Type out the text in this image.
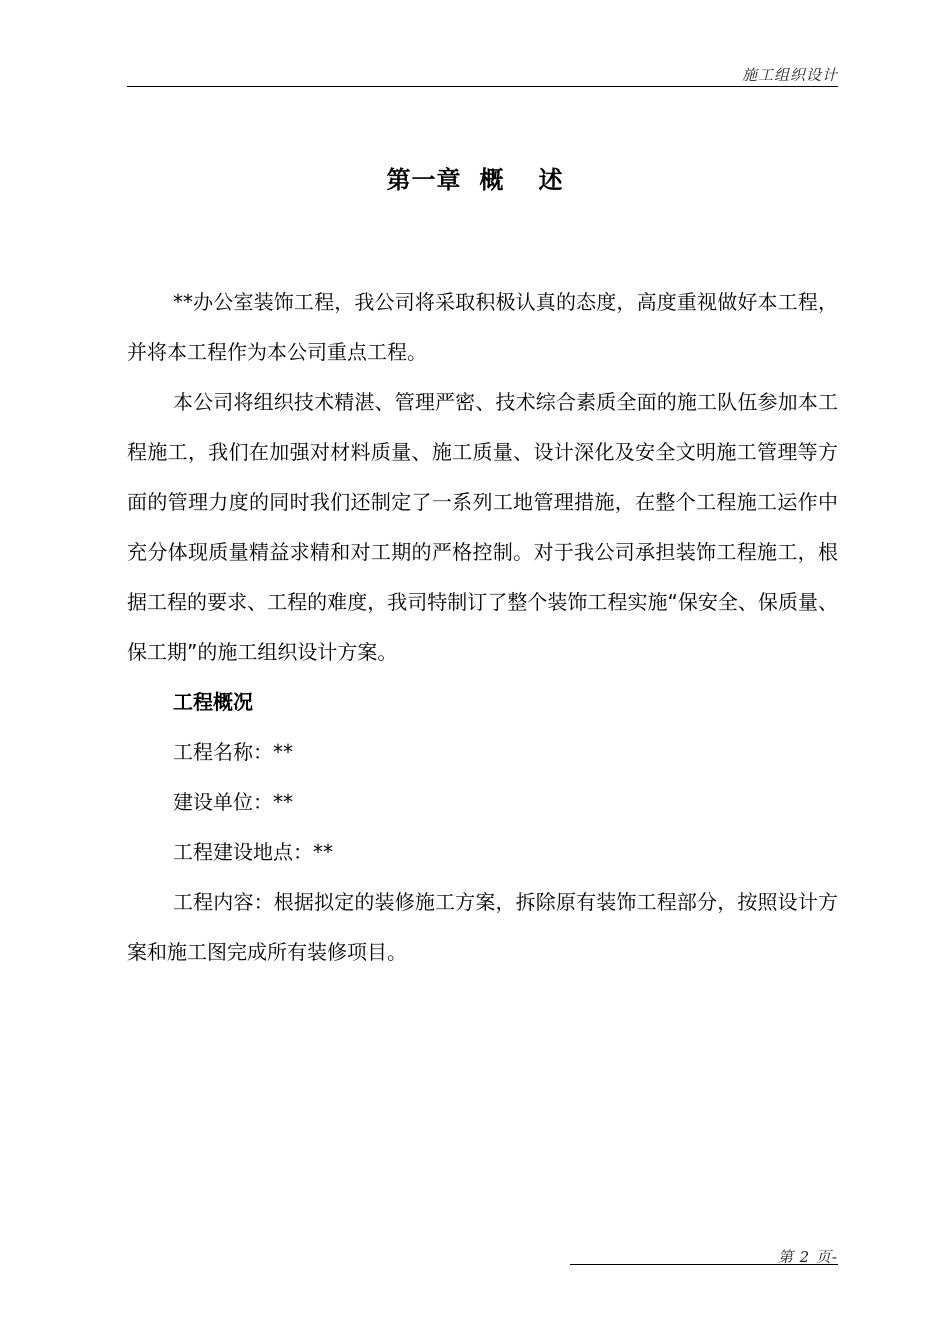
施工组织设计
第一章 概 述

**办公室装饰工程，我公司将采取积极认真的态度，高度重视做好本工程，并将本工程作为本公司重点工程。

本公司将组织技术精湛、管理严密、技术综合素质全面的施工队伍参加本工程施工，我们在加强对材料质量、施工质量、设计深化及安全文明施工管理等方面的管理力度的同时我们还制定了一系列工地管理措施，在整个工程施工运作中充分体现质量精益求精和对工期的严格控制。对于我公司承担装饰工程施工，根据工程的要求、工程的难度，我司特制订了整个装饰工程实施“保安全、保质量、保工期”的施工组织设计方案。

工程概况

工程名称：**

建设单位：**

工程建设地点：**

工程内容：根据拟定的装修施工方案，拆除原有装饰工程部分，按照设计方案和施工图完成所有装修项目。

第 2 页-
